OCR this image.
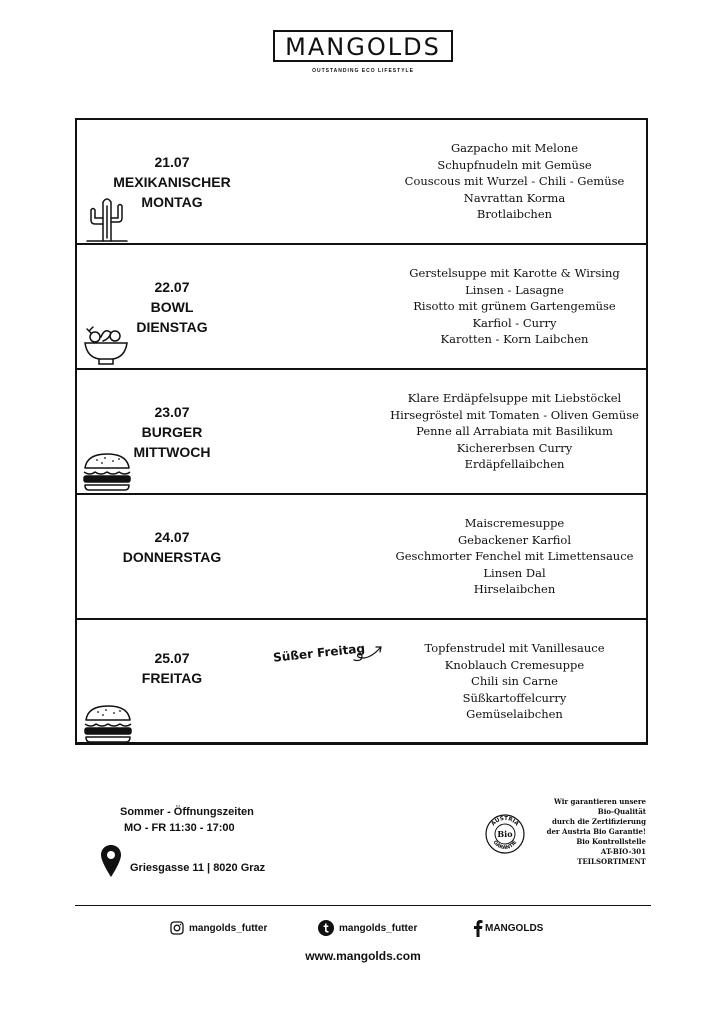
MANGOLDS
OUTSTANDING ECO LIFESTYLE
21.07
MEXIKANISCHER
MONTAG
Gazpacho mit Melone
Schupfnudeln mit Gemüse
Couscous mit Wurzel - Chili - Gemüse
Navrattan Korma
Brotlaibchen
22.07
BOWL
DIENSTAG
Gerstelsuppe mit Karotte & Wirsing
Linsen - Lasagne
Risotto mit grünem Gartengemüse
Karfiol - Curry
Karotten - Korn Laibchen
23.07
BURGER
MITTWOCH
Klare Erdäpfelsuppe mit Liebstöckel
Hirsegröstel mit Tomaten - Oliven Gemüse
Penne all Arrabiata mit Basilikum
Kichererbsen Curry
Erdäpfellaibchen
24.07
DONNERSTAG
Maiscremesuppe
Gebackener Karfiol
Geschmorter Fenchel mit Limettensauce
Linsen Dal
Hirselaibchen
25.07
FREITAG
Süßer Freitag	Topfenstrudel mit Vanillesauce
Knoblauch Cremesuppe
Chili sin Carne
Süßkartoffelcurry
Gemüselaibchen
Sommer - Öffnungszeiten
MO - FR 11:30 - 17:00
Griesgasse 11 | 8020 Graz
AUSTRIA
GARANTIE
Bio
Wir garantieren unsere
Bio-Qualität
durch die Zertifizierung
der Austria Bio Garantie!
Bio Kontrollstelle
AT-BIO-301
TEILSORTIMENT
mangolds_futter	mangolds_futter	MANGOLDS
www.mangolds.com
